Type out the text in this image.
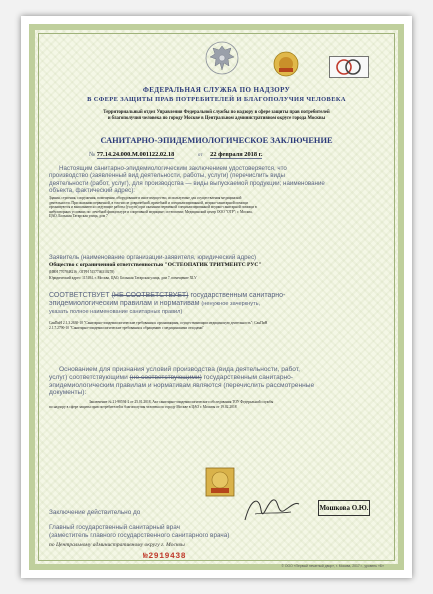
ФЕДЕРАЛЬНАЯ СЛУЖБА ПО НАДЗОРУ
В СФЕРЕ ЗАЩИТЫ ПРАВ ПОТРЕБИТЕЛЕЙ И БЛАГОПОЛУЧИЯ ЧЕЛОВЕКА
Территориальный отдел Управления Федеральной службы по надзору в сфере защиты прав потребителей
и благополучия человека по городу Москве в Центральном административном округе города Москвы
САНИТАРНО-ЭПИДЕМИОЛОГИЧЕСКОЕ ЗАКЛЮЧЕНИЕ
№ 77.14.24.000.М.001122.02.18	от 22 февраля 2018 г.
Настоящим санитарно-эпидемиологическим заключением удостоверяется, что
производство (заявленный вид деятельности, работы, услуги) (перечислить виды
деятельности (работ, услуг), для производства — виды выпускаемой продукции; наименование
объекта, фактический адрес):
Здания, строения, сооружения, помещения, оборудование и иное имущество, используемые для осуществления медицинской
деятельности. При оказании первичной, в том числе доврачебной, врачебной и специализированной, медико-санитарной помощи
организуются и выполняются следующие работы (услуги) при оказании первичной специализированной медико-санитарной помощи в
амбулаторных условиях по: лечебной физкультуре и спортивной медицине; остеопатии; Медицинский центр ООО "ОТР"; г. Москва,
ЦАО, Большая Татарская улица, дом 7
Заявитель (наименование организации-заявителя, юридический адрес)
Общество с ограниченной ответственностью "ОСТЕОПАТИК ТРИТМЕНТС РУС"
(ИНН 7707848216 , ОГРН 5157746310278)
Юридический адрес: 115184, г. Москва, ЦАО, Большая Татарская улица, дом 7, помещение XLV
СООТВЕТСТВУЕТ (НЕ СООТВЕТСТВУЕТ) государственным санитарно-
эпидемиологическим правилам и нормативам (ненужное зачеркнуть,
указать полное наименование санитарных правил)
СанПиН 2.1.3.2630-10 "Санитарно-эпидемиологические требования к организациям, осуществляющим медицинскую деятельность"; СанПиН
2.1.7.2790-10 "Санитарно-эпидемиологические требования к обращению с медицинскими отходами"
Основанием для признания условий производства (вида деятельности, работ,
услуг) соответствующими (не соответствующими) государственным санитарно-
эпидемиологическим правилам и нормативам являются (перечислить рассмотренные
документы):
Заключение № 21-90594-2 от 25.01.2018, Акт санитарно-эпидемиологического обследования ТОУ Федеральной службы
по надзору в сфере защиты прав потребителей и благополучия человека по городу Москве в ЦАО г. Москвы от 19.02.2018
Заключение действительно до
Главный государственный санитарный врач
(заместитель главного государственного санитарного врача)
по Центральному административному округу г. Москвы
Мошкова О.Ю.
№2919438
© ООО «Первый печатный двор», г. Москва, 2017 г., уровень «Б»
